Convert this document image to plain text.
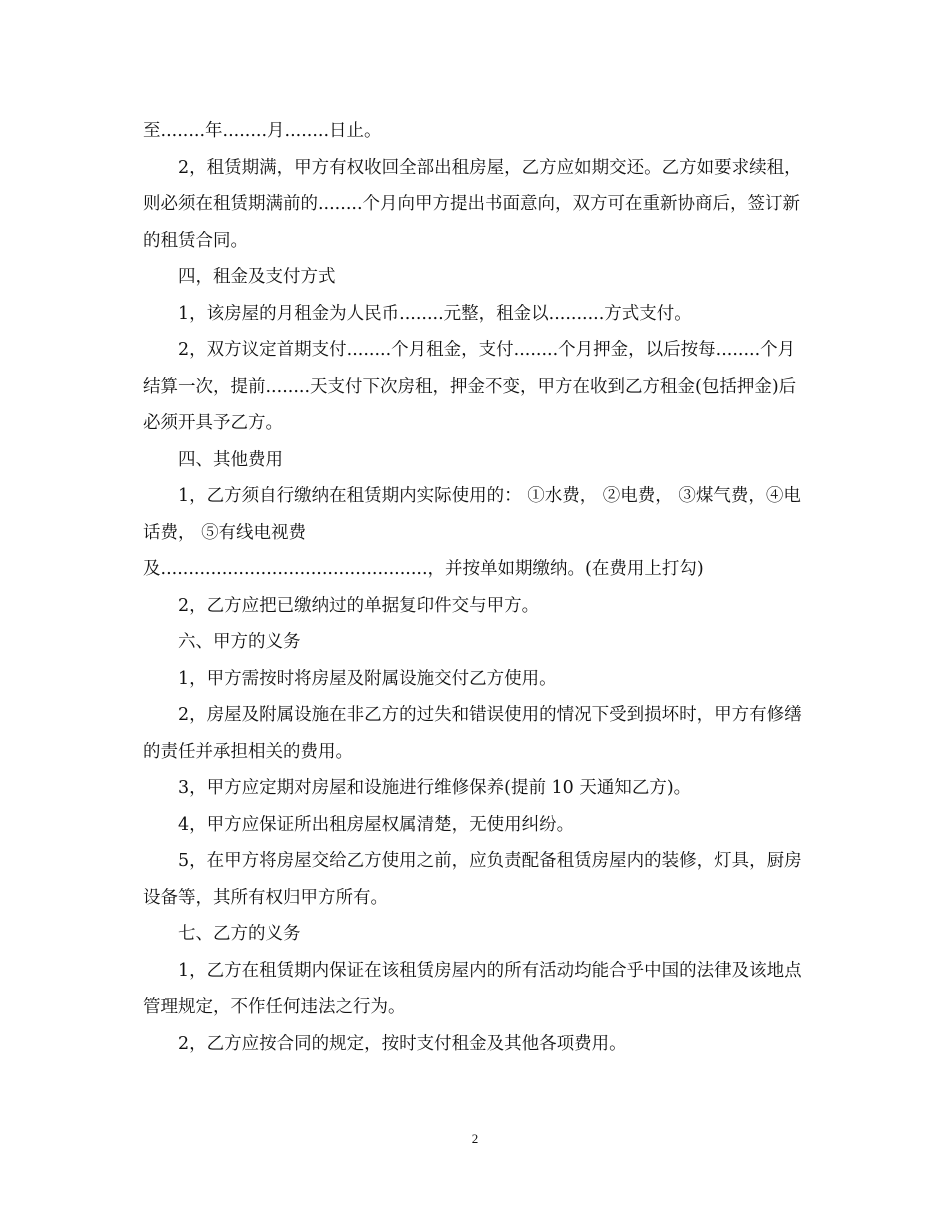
至........年........月........日止。

2，租赁期满，甲方有权收回全部出租房屋，乙方应如期交还。乙方如要求续租，则必须在租赁期满前的........个月向甲方提出书面意向，双方可在重新协商后，签订新的租赁合同。

四，租金及支付方式

1，该房屋的月租金为人民币........元整，租金以..........方式支付。

2，双方议定首期支付........个月租金，支付........个月押金，以后按每........个月结算一次，提前........天支付下次房租，押金不变，甲方在收到乙方租金(包括押金)后必须开具予乙方。

四、其他费用

1，乙方须自行缴纳在租赁期内实际使用的： ①水费， ②电费， ③煤气费，④电话费， ⑤有线电视费

及................................................，并按单如期缴纳。(在费用上打勾)

2，乙方应把已缴纳过的单据复印件交与甲方。

六、甲方的义务

1，甲方需按时将房屋及附属设施交付乙方使用。

2，房屋及附属设施在非乙方的过失和错误使用的情况下受到损坏时，甲方有修缮的责任并承担相关的费用。

3，甲方应定期对房屋和设施进行维修保养(提前 10 天通知乙方)。

4，甲方应保证所出租房屋权属清楚，无使用纠纷。

5，在甲方将房屋交给乙方使用之前，应负责配备租赁房屋内的装修，灯具，厨房设备等，其所有权归甲方所有。

七、乙方的义务

1，乙方在租赁期内保证在该租赁房屋内的所有活动均能合乎中国的法律及该地点管理规定，不作任何违法之行为。

2，乙方应按合同的规定，按时支付租金及其他各项费用。

2
